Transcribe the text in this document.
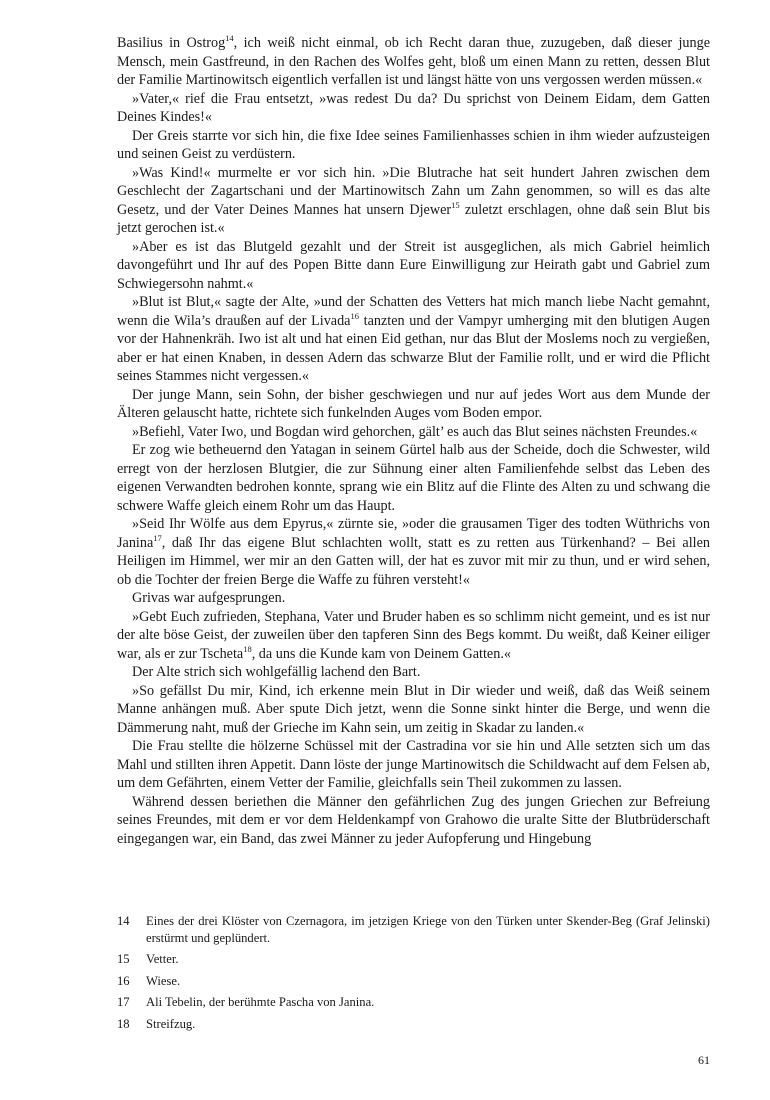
Basilius in Ostrog$^{14}$, ich weiß nicht einmal, ob ich Recht daran thue, zuzugeben, daß dieser junge Mensch, mein Gastfreund, in den Rachen des Wolfes geht, bloß um einen Mann zu retten, dessen Blut der Familie Martinowitsch eigentlich verfallen ist und längst hätte von uns vergossen werden müssen.«

»Vater,« rief die Frau entsetzt, »was redest Du da? Du sprichst von Deinem Eidam, dem Gatten Deines Kindes!«

Der Greis starrte vor sich hin, die fixe Idee seines Familienhasses schien in ihm wieder aufzusteigen und seinen Geist zu verdüstern.

»Was Kind!« murmelte er vor sich hin. »Die Blutrache hat seit hundert Jahren zwischen dem Geschlecht der Zagartschani und der Martinowitsch Zahn um Zahn genommen, so will es das alte Gesetz, und der Vater Deines Mannes hat unsern Djewer$^{15}$ zuletzt erschlagen, ohne daß sein Blut bis jetzt gerochen ist.«

»Aber es ist das Blutgeld gezahlt und der Streit ist ausgeglichen, als mich Gabriel heimlich davongeführt und Ihr auf des Popen Bitte dann Eure Einwilligung zur Heirath gabt und Gabriel zum Schwiegersohn nahmt.«

»Blut ist Blut,« sagte der Alte, »und der Schatten des Vetters hat mich manch liebe Nacht gemahnt, wenn die Wila’s draußen auf der Livada$^{16}$ tanzten und der Vampyr umherging mit den blutigen Augen vor der Hahnenkräh. Iwo ist alt und hat einen Eid gethan, nur das Blut der Moslems noch zu vergießen, aber er hat einen Knaben, in dessen Adern das schwarze Blut der Familie rollt, und er wird die Pflicht seines Stammes nicht vergessen.«

Der junge Mann, sein Sohn, der bisher geschwiegen und nur auf jedes Wort aus dem Munde der Älteren gelauscht hatte, richtete sich funkelnden Auges vom Boden empor.

»Befiehl, Vater Iwo, und Bogdan wird gehorchen, gält’ es auch das Blut seines nächsten Freundes.«

Er zog wie betheuernd den Yatagan in seinem Gürtel halb aus der Scheide, doch die Schwester, wild erregt von der herzlosen Blutgier, die zur Sühnung einer alten Familienfehde selbst das Leben des eigenen Verwandten bedrohen konnte, sprang wie ein Blitz auf die Flinte des Alten zu und schwang die schwere Waffe gleich einem Rohr um das Haupt.

»Seid Ihr Wölfe aus dem Epyrus,« zürnte sie, »oder die grausamen Tiger des todten Wüthrichs von Janina$^{17}$, daß Ihr das eigene Blut schlachten wollt, statt es zu retten aus Türkenhand? – Bei allen Heiligen im Himmel, wer mir an den Gatten will, der hat es zuvor mit mir zu thun, und er wird sehen, ob die Tochter der freien Berge die Waffe zu führen versteht!«

Grivas war aufgesprungen.

»Gebt Euch zufrieden, Stephana, Vater und Bruder haben es so schlimm nicht gemeint, und es ist nur der alte böse Geist, der zuweilen über den tapferen Sinn des Begs kommt. Du weißt, daß Keiner eiliger war, als er zur Tscheta$^{18}$, da uns die Kunde kam von Deinem Gatten.«

Der Alte strich sich wohlgefällig lachend den Bart.

»So gefällst Du mir, Kind, ich erkenne mein Blut in Dir wieder und weiß, daß das Weiß seinem Manne anhängen muß. Aber spute Dich jetzt, wenn die Sonne sinkt hinter die Berge, und wenn die Dämmerung naht, muß der Grieche im Kahn sein, um zeitig in Skadar zu landen.«

Die Frau stellte die hölzerne Schüssel mit der Castradina vor sie hin und Alle setzten sich um das Mahl und stillten ihren Appetit. Dann löste der junge Martinowitsch die Schildwacht auf dem Felsen ab, um dem Gefährten, einem Vetter der Familie, gleichfalls sein Theil zukommen zu lassen.

Während dessen beriethen die Männer den gefährlichen Zug des jungen Griechen zur Befreiung seines Freundes, mit dem er vor dem Heldenkampf von Grahowo die uralte Sitte der Blutbrüderschaft eingegangen war, ein Band, das zwei Männer zu jeder Aufopferung und Hingebung

14	Eines der drei Klöster von Czernagora, im jetzigen Kriege von den Türken unter Skender-Beg (Graf Jelinski) erstürmt und geplündert.
15	Vetter.
16	Wiese.
17	Ali Tebelin, der berühmte Pascha von Janina.
18	Streifzug.
61
